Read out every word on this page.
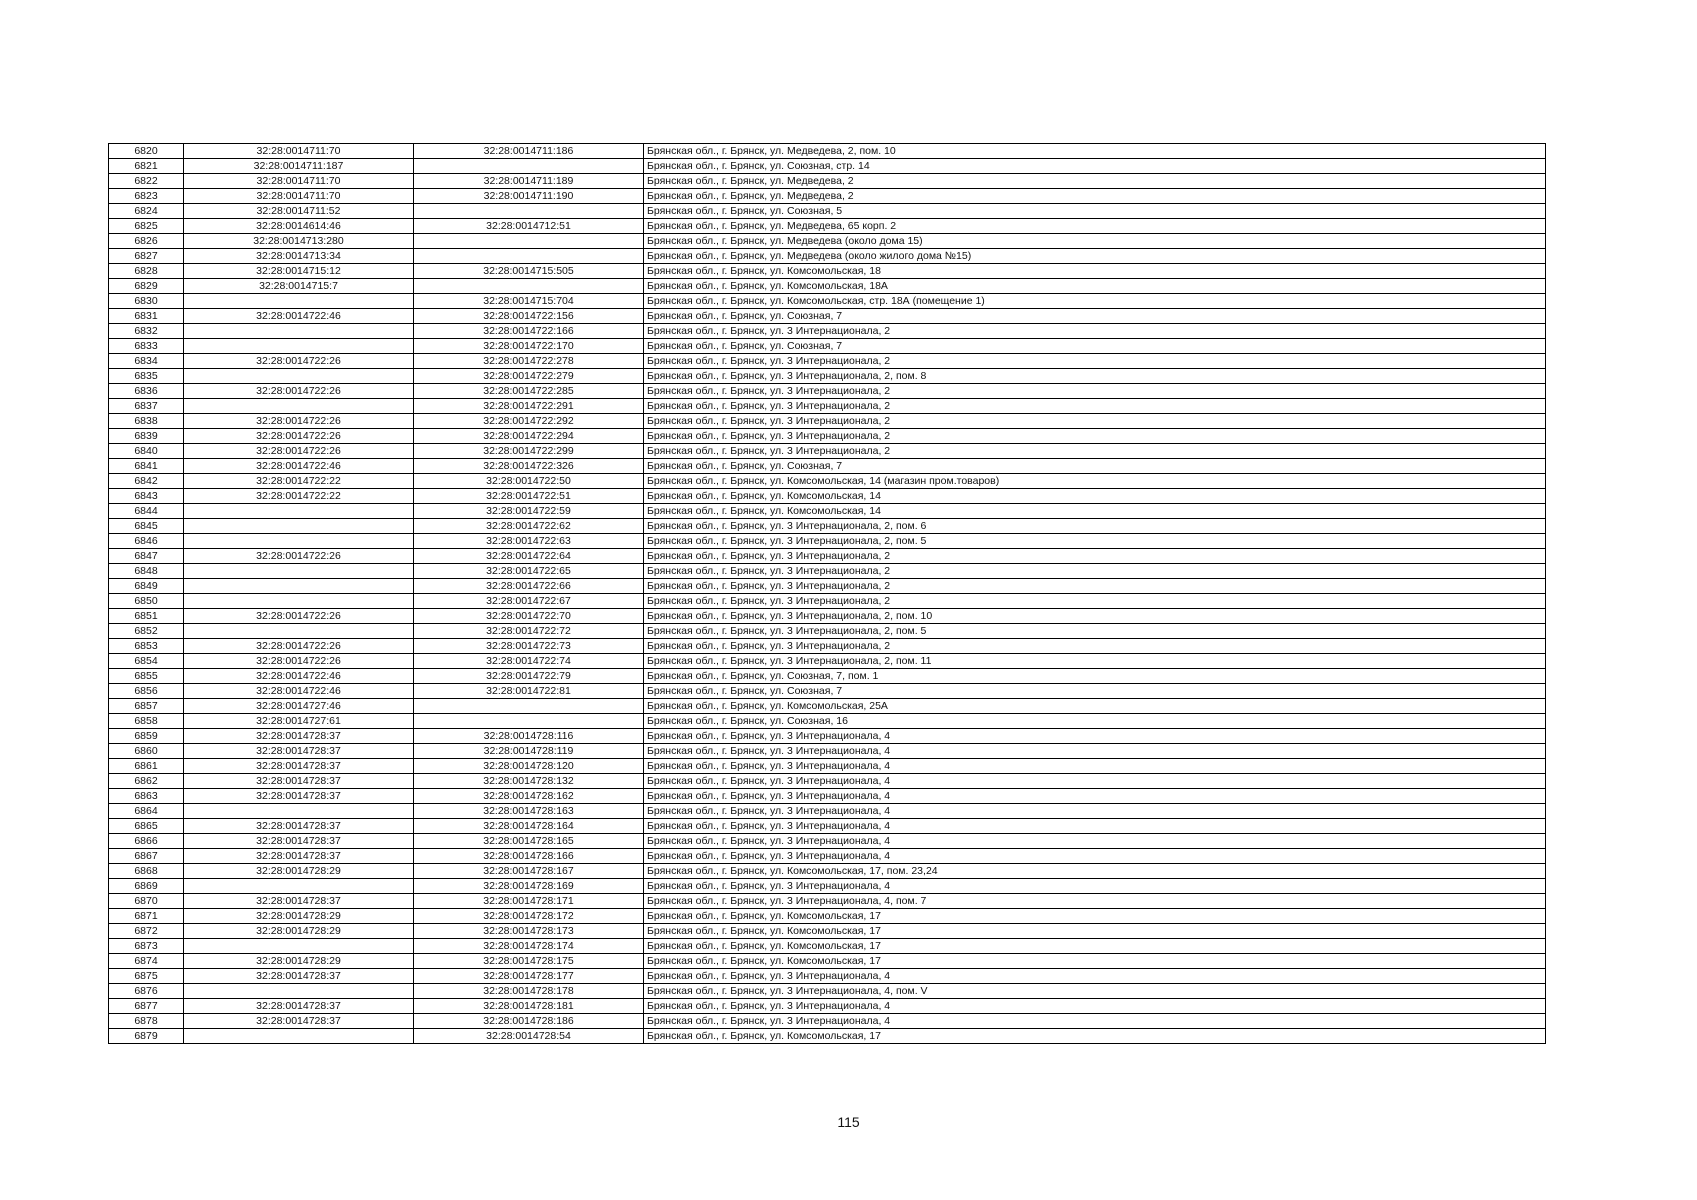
6820	32:28:0014711:70	32:28:0014711:186	Брянская обл., г. Брянск, ул. Медведева, 2, пом. 10
6821	32:28:0014711:187		Брянская обл., г. Брянск, ул. Союзная, стр. 14
6822	32:28:0014711:70	32:28:0014711:189	Брянская обл., г. Брянск, ул. Медведева, 2
6823	32:28:0014711:70	32:28:0014711:190	Брянская обл., г. Брянск, ул. Медведева, 2
6824	32:28:0014711:52		Брянская обл., г. Брянск, ул. Союзная, 5
6825	32:28:0014614:46	32:28:0014712:51	Брянская обл., г. Брянск, ул. Медведева, 65 корп. 2
6826	32:28:0014713:280		Брянская обл., г. Брянск, ул. Медведева (около дома 15)
6827	32:28:0014713:34		Брянская обл., г. Брянск, ул. Медведева (около жилого дома №15)
6828	32:28:0014715:12	32:28:0014715:505	Брянская обл., г. Брянск, ул. Комсомольская, 18
6829	32:28:0014715:7		Брянская обл., г. Брянск, ул. Комсомольская, 18А
6830		32:28:0014715:704	Брянская обл., г. Брянск, ул. Комсомольская, стр. 18А (помещение 1)
6831	32:28:0014722:46	32:28:0014722:156	Брянская обл., г. Брянск, ул. Союзная, 7
6832		32:28:0014722:166	Брянская обл., г. Брянск, ул. 3 Интернационала, 2
6833		32:28:0014722:170	Брянская обл., г. Брянск, ул. Союзная, 7
6834	32:28:0014722:26	32:28:0014722:278	Брянская обл., г. Брянск, ул. 3 Интернационала, 2
6835		32:28:0014722:279	Брянская обл., г. Брянск, ул. 3 Интернационала, 2, пом. 8
6836	32:28:0014722:26	32:28:0014722:285	Брянская обл., г. Брянск, ул. 3 Интернационала, 2
6837		32:28:0014722:291	Брянская обл., г. Брянск, ул. 3 Интернационала, 2
6838	32:28:0014722:26	32:28:0014722:292	Брянская обл., г. Брянск, ул. 3 Интернационала, 2
6839	32:28:0014722:26	32:28:0014722:294	Брянская обл., г. Брянск, ул. 3 Интернационала, 2
6840	32:28:0014722:26	32:28:0014722:299	Брянская обл., г. Брянск, ул. 3 Интернационала, 2
6841	32:28:0014722:46	32:28:0014722:326	Брянская обл., г. Брянск, ул. Союзная, 7
6842	32:28:0014722:22	32:28:0014722:50	Брянская обл., г. Брянск, ул. Комсомольская, 14 (магазин пром.товаров)
6843	32:28:0014722:22	32:28:0014722:51	Брянская обл., г. Брянск, ул. Комсомольская, 14
6844		32:28:0014722:59	Брянская обл., г. Брянск, ул. Комсомольская, 14
6845		32:28:0014722:62	Брянская обл., г. Брянск, ул. 3 Интернационала, 2, пом. 6
6846		32:28:0014722:63	Брянская обл., г. Брянск, ул. 3 Интернационала, 2, пом. 5
6847	32:28:0014722:26	32:28:0014722:64	Брянская обл., г. Брянск, ул. 3 Интернационала, 2
6848		32:28:0014722:65	Брянская обл., г. Брянск, ул. 3 Интернационала, 2
6849		32:28:0014722:66	Брянская обл., г. Брянск, ул. 3 Интернационала, 2
6850		32:28:0014722:67	Брянская обл., г. Брянск, ул. 3 Интернационала, 2
6851	32:28:0014722:26	32:28:0014722:70	Брянская обл., г. Брянск, ул. 3 Интернационала, 2, пом. 10
6852		32:28:0014722:72	Брянская обл., г. Брянск, ул. 3 Интернационала, 2, пом. 5
6853	32:28:0014722:26	32:28:0014722:73	Брянская обл., г. Брянск, ул. 3 Интернационала, 2
6854	32:28:0014722:26	32:28:0014722:74	Брянская обл., г. Брянск, ул. 3 Интернационала, 2, пом. 11
6855	32:28:0014722:46	32:28:0014722:79	Брянская обл., г. Брянск, ул. Союзная, 7, пом. 1
6856	32:28:0014722:46	32:28:0014722:81	Брянская обл., г. Брянск, ул. Союзная, 7
6857	32:28:0014727:46		Брянская обл., г. Брянск, ул. Комсомольская, 25А
6858	32:28:0014727:61		Брянская обл., г. Брянск, ул. Союзная, 16
6859	32:28:0014728:37	32:28:0014728:116	Брянская обл., г. Брянск, ул. 3 Интернационала, 4
6860	32:28:0014728:37	32:28:0014728:119	Брянская обл., г. Брянск, ул. 3 Интернационала, 4
6861	32:28:0014728:37	32:28:0014728:120	Брянская обл., г. Брянск, ул. 3 Интернационала, 4
6862	32:28:0014728:37	32:28:0014728:132	Брянская обл., г. Брянск, ул. 3 Интернационала, 4
6863	32:28:0014728:37	32:28:0014728:162	Брянская обл., г. Брянск, ул. 3 Интернационала, 4
6864		32:28:0014728:163	Брянская обл., г. Брянск, ул. 3 Интернационала, 4
6865	32:28:0014728:37	32:28:0014728:164	Брянская обл., г. Брянск, ул. 3 Интернационала, 4
6866	32:28:0014728:37	32:28:0014728:165	Брянская обл., г. Брянск, ул. 3 Интернационала, 4
6867	32:28:0014728:37	32:28:0014728:166	Брянская обл., г. Брянск, ул. 3 Интернационала, 4
6868	32:28:0014728:29	32:28:0014728:167	Брянская обл., г. Брянск, ул. Комсомольская, 17, пом. 23,24
6869		32:28:0014728:169	Брянская обл., г. Брянск, ул. 3 Интернационала, 4
6870	32:28:0014728:37	32:28:0014728:171	Брянская обл., г. Брянск, ул. 3 Интернационала, 4, пом. 7
6871	32:28:0014728:29	32:28:0014728:172	Брянская обл., г. Брянск, ул. Комсомольская, 17
6872	32:28:0014728:29	32:28:0014728:173	Брянская обл., г. Брянск, ул. Комсомольская, 17
6873		32:28:0014728:174	Брянская обл., г. Брянск, ул. Комсомольская, 17
6874	32:28:0014728:29	32:28:0014728:175	Брянская обл., г. Брянск, ул. Комсомольская, 17
6875	32:28:0014728:37	32:28:0014728:177	Брянская обл., г. Брянск, ул. 3 Интернационала, 4
6876		32:28:0014728:178	Брянская обл., г. Брянск, ул. 3 Интернационала, 4, пом. V
6877	32:28:0014728:37	32:28:0014728:181	Брянская обл., г. Брянск, ул. 3 Интернационала, 4
6878	32:28:0014728:37	32:28:0014728:186	Брянская обл., г. Брянск, ул. 3 Интернационала, 4
6879		32:28:0014728:54	Брянская обл., г. Брянск, ул. Комсомольская, 17
115
